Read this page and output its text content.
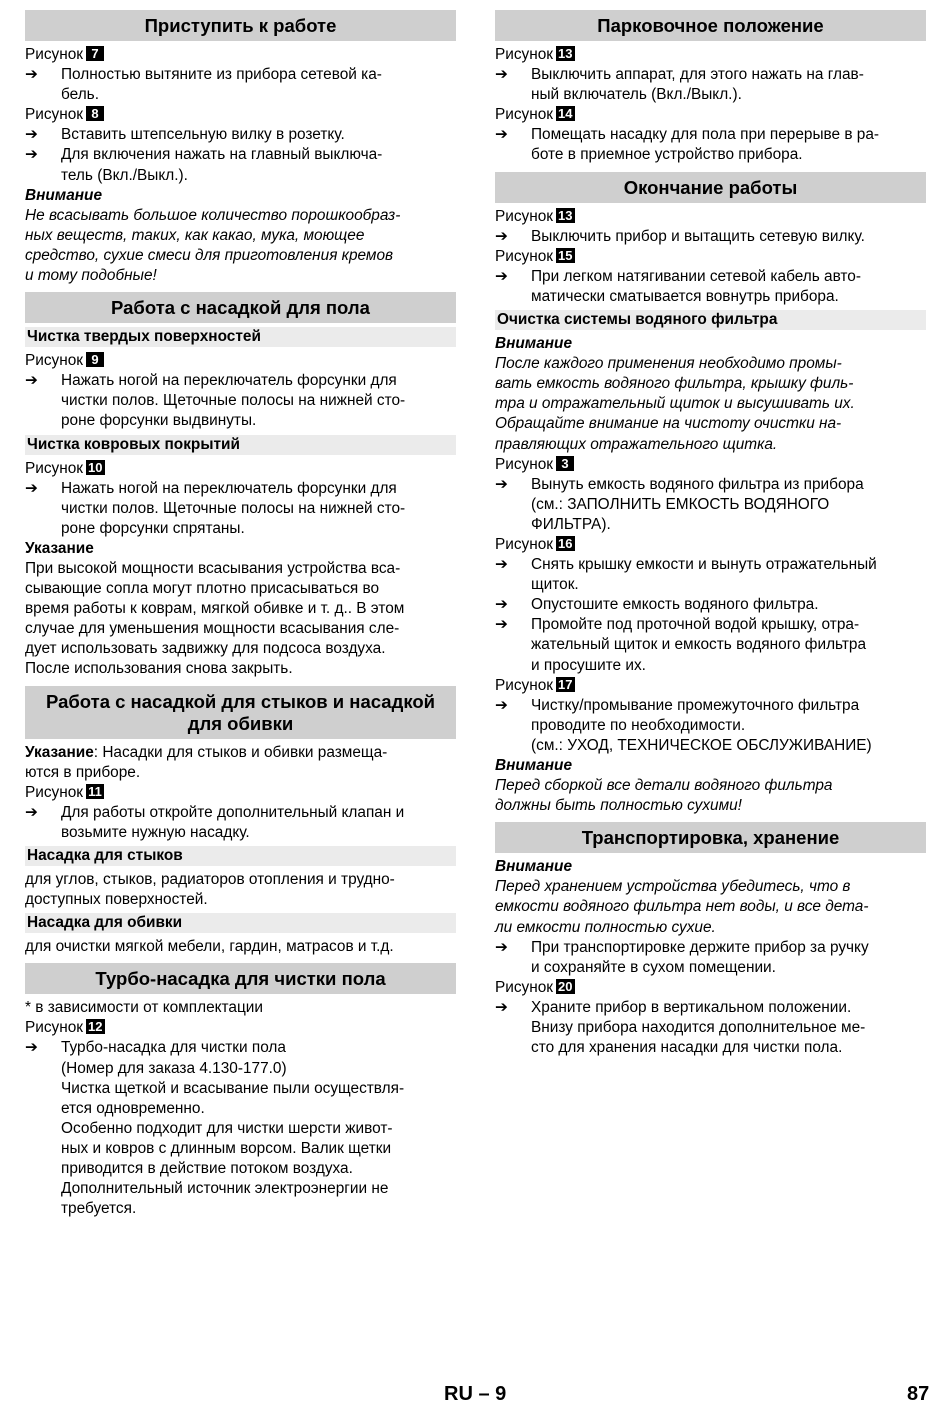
Приступить к работе
Рисунок 7
➔ Полностью вытяните из прибора сетевой ка-
бель.
Рисунок 8
➔ Вставить штепсельную вилку в розетку.
➔ Для включения нажать на главный выключа-
тель (Вкл./Выкл.).
Внимание
Не всасывать большое количество порошкообраз-
ных веществ, таких, как какао, мука, моющее
средство, сухие смеси для приготовления кремов
и тому подобные!
Работа с насадкой для пола
Чистка твердых поверхностей
Рисунок 9
➔ Нажать ногой на переключатель форсунки для
чистки полов. Щеточные полосы на нижней сто-
роне форсунки выдвинуты.
Чистка ковровых покрытий
Рисунок 10
➔ Нажать ногой на переключатель форсунки для
чистки полов. Щеточные полосы на нижней сто-
роне форсунки спрятаны.
Указание
При высокой мощности всасывания устройства вса-
сывающие сопла могут плотно присасываться во
время работы к коврам, мягкой обивке и т. д.. В этом
случае для уменьшения мощности всасывания сле-
дует использовать задвижку для подсоса воздуха.
После использования снова закрыть.
Работа с насадкой для стыков и насадкой
для обивки
Указание: Насадки для стыков и обивки размеща-
ются в приборе.
Рисунок 11
➔ Для работы откройте дополнительный клапан и
возьмите нужную насадку.
Насадка для стыков
для углов, стыков, радиаторов отопления и трудно-
доступных поверхностей.
Насадка для обивки
для очистки мягкой мебели, гардин, матрасов и т.д.
Турбо-насадка для чистки пола
* в зависимости от комплектации
Рисунок 12
➔ Турбо-насадка для чистки пола
(Номер для заказа 4.130-177.0)
Чистка щеткой и всасывание пыли осуществля-
ется одновременно.
Особенно подходит для чистки шерсти живот-
ных и ковров с длинным ворсом. Валик щетки
приводится в действие потоком воздуха.
Дополнительный источник электроэнергии не
требуется.
Парковочное положение
Рисунок 13
➔ Выключить аппарат, для этого нажать на глав-
ный включатель (Вкл./Выкл.).
Рисунок 14
➔ Помещать насадку для пола при перерыве в ра-
боте в приемное устройство прибора.
Окончание работы
Рисунок 13
➔ Выключить прибор и вытащить сетевую вилку.
Рисунок 15
➔ При легком натягивании сетевой кабель авто-
матически сматывается вовнутрь прибора.
Очистка системы водяного фильтра
Внимание
После каждого применения необходимо промы-
вать емкость водяного фильтра, крышку филь-
тра и отражательный щиток и высушивать их.
Обращайте внимание на чистоту очистки на-
правляющих отражательного щитка.
Рисунок 3
➔ Вынуть емкость водяного фильтра из прибора
(см.: ЗАПОЛНИТЬ ЕМКОСТЬ ВОДЯНОГО
ФИЛЬТРА).
Рисунок 16
➔ Снять крышку емкости и вынуть отражательный
щиток.
➔ Опустошите емкость водяного фильтра.
➔ Промойте под проточной водой крышку, отра-
жательный щиток и емкость водяного фильтра
и просушите их.
Рисунок 17
➔ Чистку/промывание промежуточного фильтра
проводите по необходимости.
(см.: УХОД, ТЕХНИЧЕСКОЕ ОБСЛУЖИВАНИЕ)
Внимание
Перед сборкой все детали водяного фильтра
должны быть полностью сухими!
Транспортировка, хранение
Внимание
Перед хранением устройства убедитесь, что в
емкости водяного фильтра нет воды, и все дета-
ли емкости полностью сухие.
➔ При транспортировке держите прибор за ручку
и сохраняйте в сухом помещении.
Рисунок 20
➔ Храните прибор в вертикальном положении.
Внизу прибора находится дополнительное ме-
сто для хранения насадки для чистки пола.
RU – 9	87
